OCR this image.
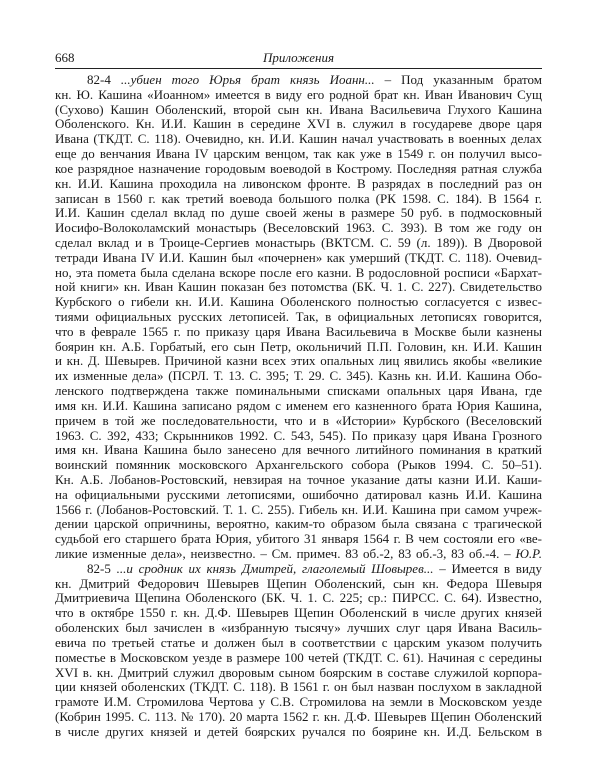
668	Приложения
82-4 ...убиен того Юрья брат князь Иоанн... – Под указанным братом
кн. Ю. Кашина «Иоанном» имеется в виду его родной брат кн. Иван Иванович Сущ
(Сухово) Кашин Оболенский, второй сын кн. Ивана Васильевича Глухого Кашина
Оболенского. Кн. И.И. Кашин в середине XVI в. служил в государеве дворе царя
Ивана (ТКДТ. С. 118). Очевидно, кн. И.И. Кашин начал участвовать в военных делах
еще до венчания Ивана IV царским венцом, так как уже в 1549 г. он получил высо-
кое разрядное назначение городовым воеводой в Кострому. Последняя ратная служба
кн. И.И. Кашина проходила на ливонском фронте. В разрядах в последний раз он
записан в 1560 г. как третий воевода большого полка (РК 1598. С. 184). В 1564 г.
И.И. Кашин сделал вклад по душе своей жены в размере 50 руб. в подмосковный
Иосифо-Волоколамский монастырь (Веселовский 1963. С. 393). В том же году он
сделал вклад и в Троице-Сергиев монастырь (ВКТСМ. С. 59 (л. 189)). В Дворовой
тетради Ивана IV И.И. Кашин был «почернен» как умерший (ТКДТ. С. 118). Очевид-
но, эта помета была сделана вскоре после его казни. В родословной росписи «Бархат-
ной книги» кн. Иван Кашин показан без потомства (БК. Ч. 1. С. 227). Свидетельство
Курбского о гибели кн. И.И. Кашина Оболенского полностью согласуется с извес-
тиями официальных русских летописей. Так, в официальных летописях говорится,
что в феврале 1565 г. по приказу царя Ивана Васильевича в Москве были казнены
боярин кн. А.Б. Горбатый, его сын Петр, окольничий П.П. Головин, кн. И.И. Кашин
и кн. Д. Шевырев. Причиной казни всех этих опальных лиц явились якобы «великие
их изменные дела» (ПСРЛ. Т. 13. С. 395; Т. 29. С. 345). Казнь кн. И.И. Кашина Обо-
ленского подтверждена также поминальными списками опальных царя Ивана, где
имя кн. И.И. Кашина записано рядом с именем его казненного брата Юрия Кашина,
причем в той же последовательности, что и в «Истории» Курбского (Веселовский
1963. С. 392, 433; Скрынников 1992. С. 543, 545). По приказу царя Ивана Грозного
имя кн. Ивана Кашина было занесено для вечного литийного поминания в краткий
воинский помянник московского Архангельского собора (Рыков 1994. С. 50–51).
Кн. А.Б. Лобанов-Ростовский, невзирая на точное указание даты казни И.И. Каши-
на официальными русскими летописями, ошибочно датировал казнь И.И. Кашина
1566 г. (Лобанов-Ростовский. Т. 1. С. 255). Гибель кн. И.И. Кашина при самом учреж-
дении царской опричнины, вероятно, каким-то образом была связана с трагической
судьбой его старшего брата Юрия, убитого 31 января 1564 г. В чем состояли его «ве-
ликие изменные дела», неизвестно. – См. примеч. 83 об.-2, 83 об.-3, 83 об.-4. – Ю.Р.
82-5 ...и сродник их князь Дмитрей, глаголемый Шовырев... – Имеется в виду
кн. Дмитрий Федорович Шевырев Щепин Оболенский, сын кн. Федора Шевыря
Дмитриевича Щепина Оболенского (БК. Ч. 1. С. 225; ср.: ПИРСС. С. 64). Известно,
что в октябре 1550 г. кн. Д.Ф. Шевырев Щепин Оболенский в числе других князей
оболенских был зачислен в «избранную тысячу» лучших слуг царя Ивана Василь-
евича по третьей статье и должен был в соответствии с царским указом получить
поместье в Московском уезде в размере 100 четей (ТКДТ. С. 61). Начиная с середины
XVI в. кн. Дмитрий служил дворовым сыном боярским в составе служилой корпора-
ции князей оболенских (ТКДТ. С. 118). В 1561 г. он был назван послухом в закладной
грамоте И.М. Стромилова Чертова у С.В. Стромилова на земли в Московском уезде
(Кобрин 1995. С. 113. № 170). 20 марта 1562 г. кн. Д.Ф. Шевырев Щепин Оболенский
в числе других князей и детей боярских ручался по боярине кн. И.Д. Бельском в
